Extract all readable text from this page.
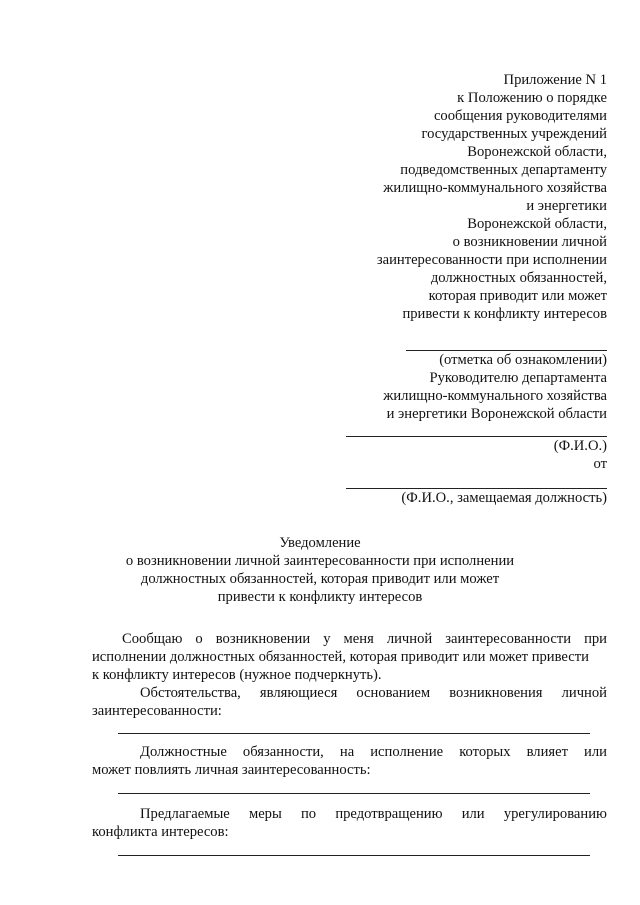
Приложение N 1
к Положению о порядке
сообщения руководителями
государственных учреждений
Воронежской области,
подведомственных департаменту
жилищно-коммунального хозяйства
и энергетики
Воронежской области,
о возникновении личной
заинтересованности при исполнении
должностных обязанностей,
которая приводит или может
привести к конфликту интересов
(отметка об ознакомлении)
Руководителю департамента
жилищно-коммунального хозяйства
и энергетики Воронежской области
(Ф.И.О.)
от
(Ф.И.О., замещаемая должность)
Уведомление
о возникновении личной заинтересованности при исполнении
должностных обязанностей, которая приводит или может
привести к конфликту интересов
Сообщаю о возникновении у меня личной заинтересованности при
исполнении должностных обязанностей, которая приводит или может привести
к конфликту интересов (нужное подчеркнуть).
Обстоятельства, являющиеся основанием возникновения личной
заинтересованности:
Должностные обязанности, на исполнение которых влияет или
может повлиять личная заинтересованность:
Предлагаемые меры по предотвращению или урегулированию
конфликта интересов:
